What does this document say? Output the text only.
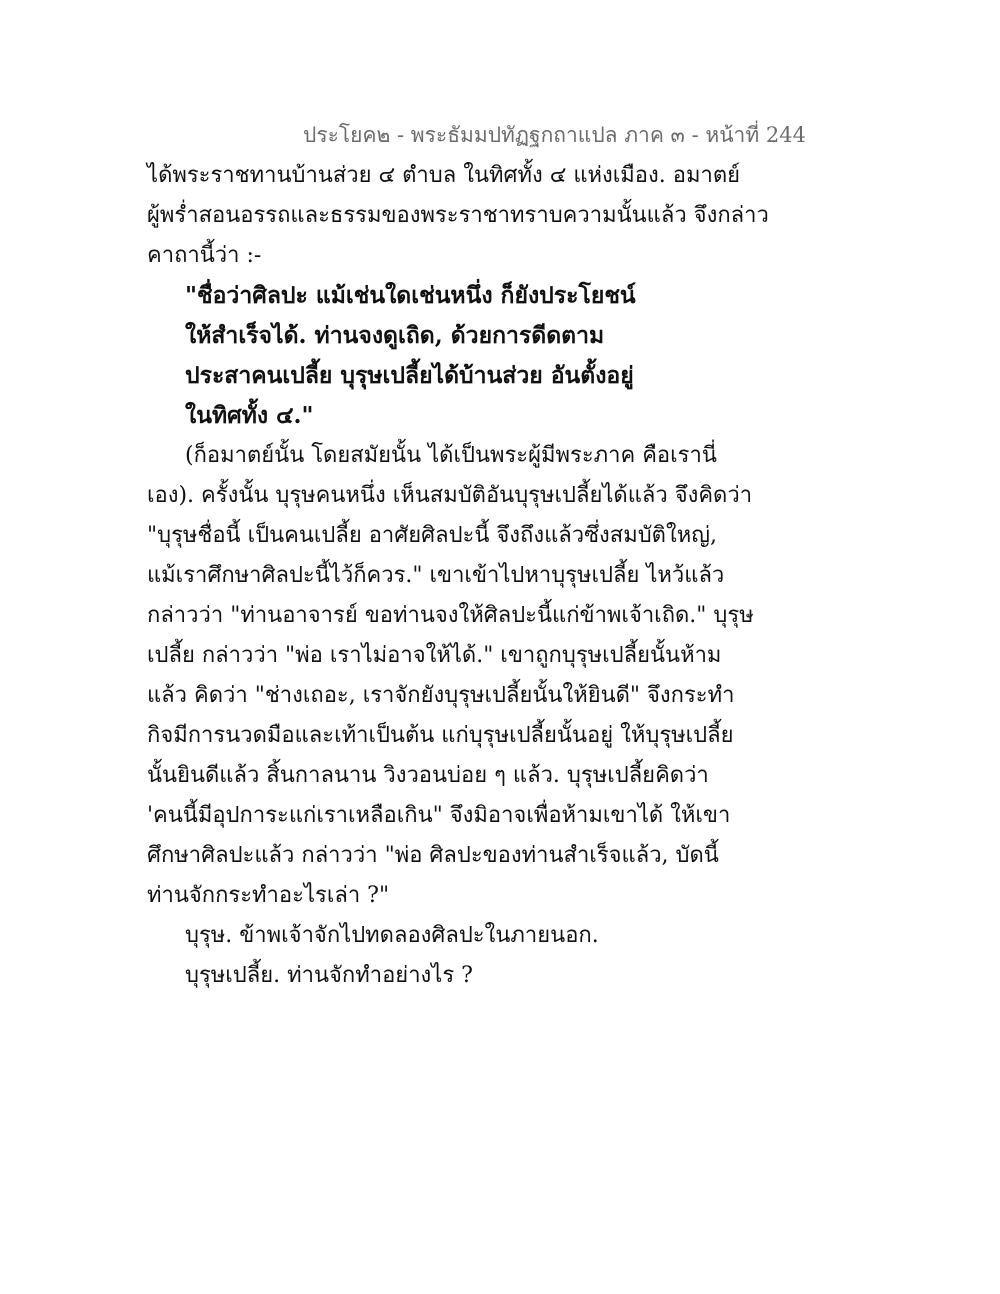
ประโยค๒ - พระธัมมปทัฏฐกถาแปล ภาค ๓ - หน้าที่ 244
ได้พระราชทานบ้านส่วย ๔ ตำบล ในทิศทั้ง ๔ แห่งเมือง. อมาตย์
ผู้พร่ำสอนอรรถและธรรมของพระราชาทราบความนั้นแล้ว จึงกล่าว
คาถานี้ว่า :-
"ชื่อว่าศิลปะ แม้เช่นใดเช่นหนึ่ง ก็ยังประโยชน์
ให้สำเร็จได้. ท่านจงดูเถิด, ด้วยการดีดตาม
ประสาคนเปลี้ย บุรุษเปลี้ยได้บ้านส่วย อันตั้งอยู่
ในทิศทั้ง ๔."
(ก็อมาตย์นั้น โดยสมัยนั้น ได้เป็นพระผู้มีพระภาค คือเรานี่
เอง). ครั้งนั้น บุรุษคนหนึ่ง เห็นสมบัติอันบุรุษเปลี้ยได้แล้ว จึงคิดว่า
"บุรุษชื่อนี้ เป็นคนเปลี้ย อาศัยศิลปะนี้ จึงถึงแล้วซึ่งสมบัติใหญ่,
แม้เราศึกษาศิลปะนี้ไว้ก็ควร." เขาเข้าไปหาบุรุษเปลี้ย ไหว้แล้ว
กล่าวว่า "ท่านอาจารย์ ขอท่านจงให้ศิลปะนี้แก่ข้าพเจ้าเถิด." บุรุษ
เปลี้ย กล่าวว่า "พ่อ เราไม่อาจให้ได้." เขาถูกบุรุษเปลี้ยนั้นห้าม
แล้ว คิดว่า "ช่างเถอะ, เราจักยังบุรุษเปลี้ยนั้นให้ยินดี" จึงกระทำ
กิจมีการนวดมือและเท้าเป็นต้น แก่บุรุษเปลี้ยนั้นอยู่ ให้บุรุษเปลี้ย
นั้นยินดีแล้ว สิ้นกาลนาน วิงวอนบ่อย ๆ แล้ว. บุรุษเปลี้ยคิดว่า
'คนนี้มีอุปการะแก่เราเหลือเกิน" จึงมิอาจเพื่อห้ามเขาได้ ให้เขา
ศึกษาศิลปะแล้ว กล่าวว่า "พ่อ ศิลปะของท่านสำเร็จแล้ว, บัดนี้
ท่านจักกระทำอะไรเล่า ?"
บุรุษ. ข้าพเจ้าจักไปทดลองศิลปะในภายนอก.
บุรุษเปลี้ย. ท่านจักทำอย่างไร ?
